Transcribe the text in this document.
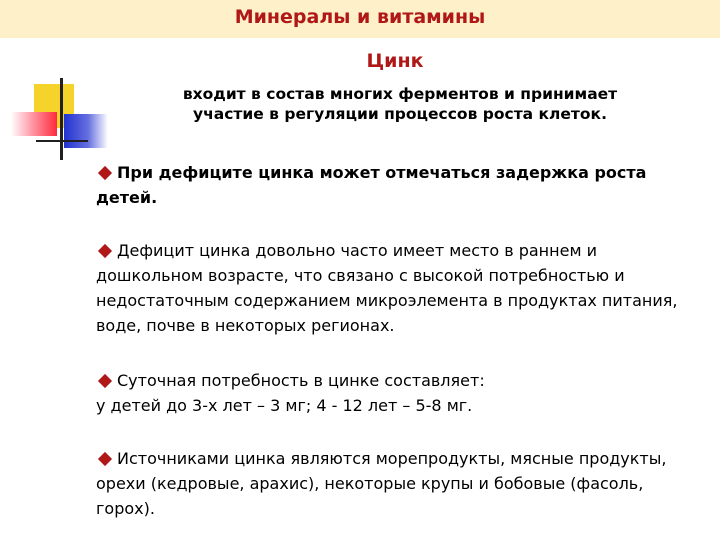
Минералы и витамины
Цинк
входит в состав многих ферментов и принимает
участие в регуляции процессов роста клеток.
При дефиците цинка может отмечаться задержка роста детей.
Дефицит цинка довольно часто имеет место в раннем и дошкольном возрасте, что связано с высокой потребностью и недостаточным содержанием микроэлемента в продуктах питания, воде, почве в некоторых регионах.
Суточная потребность в цинке составляет:
у детей до 3-х лет – 3 мг; 4 - 12 лет – 5-8 мг.
Источниками цинка являются морепродукты, мясные продукты, орехи (кедровые, арахис), некоторые крупы и бобовые (фасоль, горох).
